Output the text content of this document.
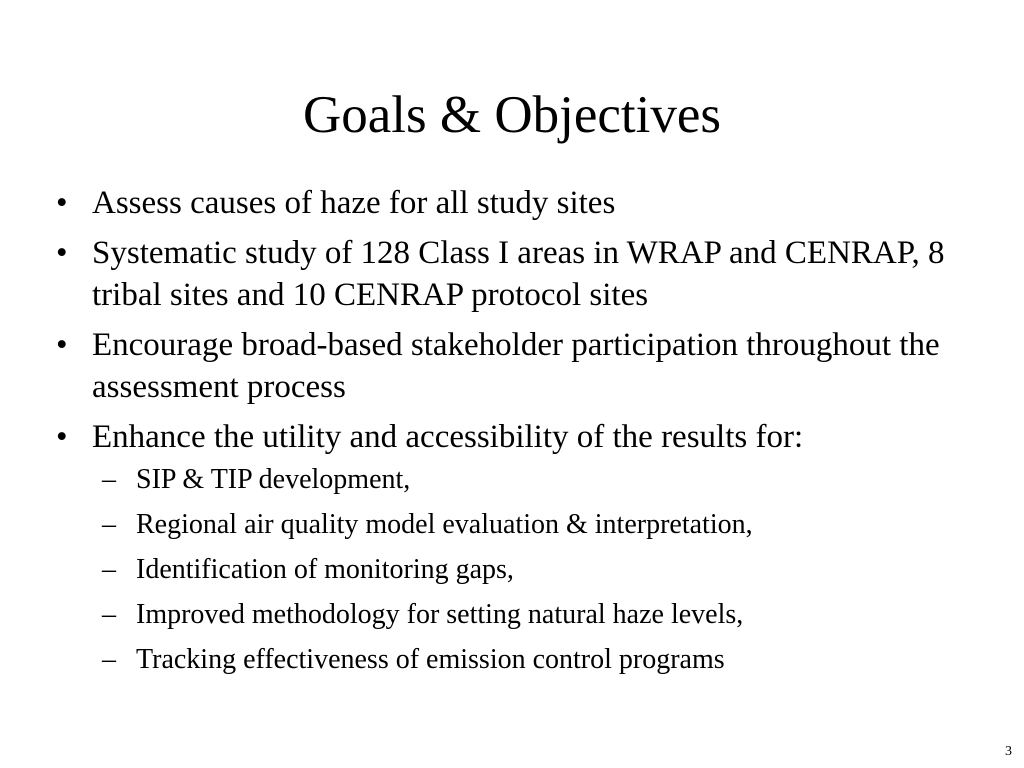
Goals & Objectives
• Assess causes of haze for all study sites
• Systematic study of 128 Class I areas in WRAP and CENRAP, 8 tribal sites and 10 CENRAP protocol sites
• Encourage broad-based stakeholder participation throughout the assessment process
• Enhance the utility and accessibility of the results for:
– SIP & TIP development,
– Regional air quality model evaluation & interpretation,
– Identification of monitoring gaps,
– Improved methodology for setting natural haze levels,
– Tracking effectiveness of emission control programs
3
